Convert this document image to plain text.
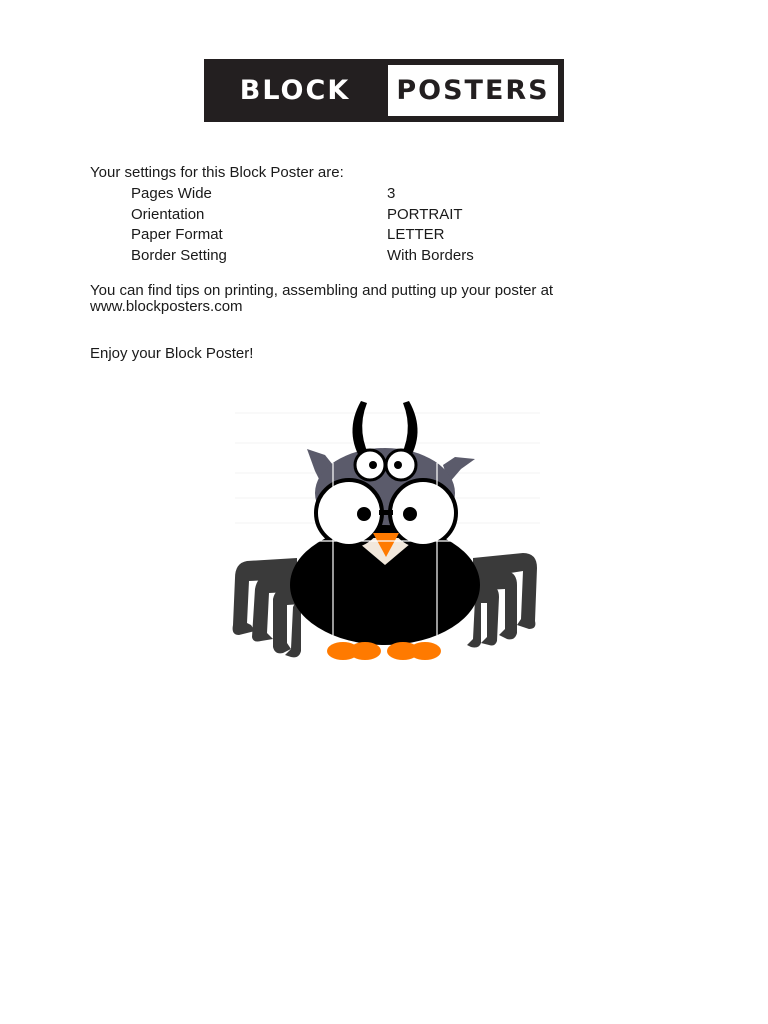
BLOCK	POSTERS
Your settings for this Block Poster are:
Pages Wide	3
Orientation	PORTRAIT
Paper Format	LETTER
Border Setting	With Borders
You can find tips on printing, assembling and putting up your poster at
www.blockposters.com
Enjoy your Block Poster!
